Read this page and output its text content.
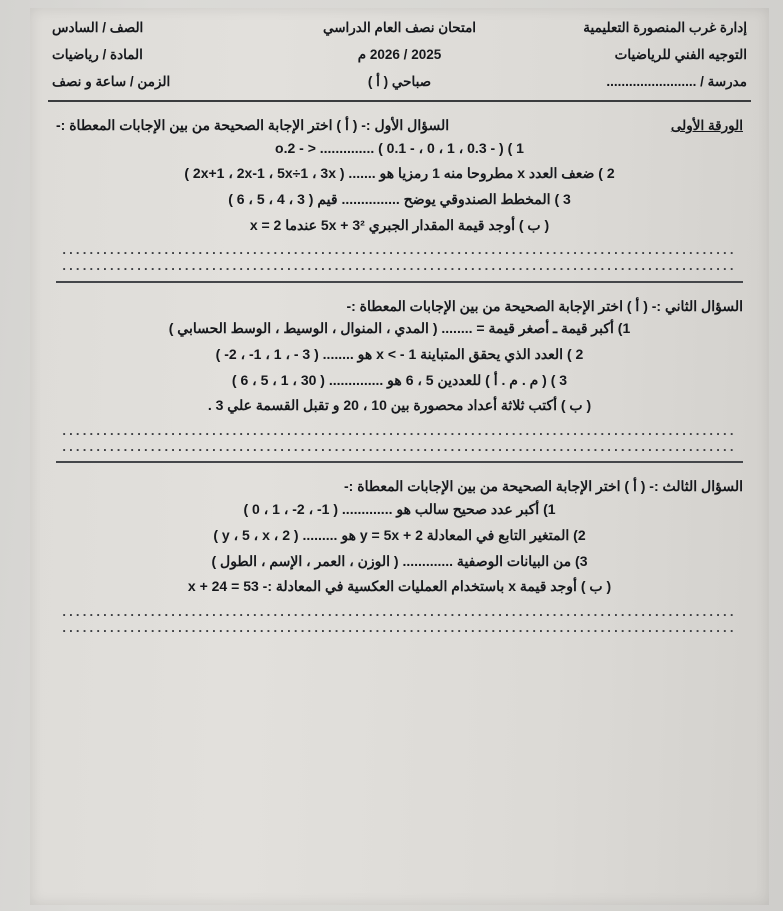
إدارة غرب المنصورة التعليمية
التوجيه الفني للرياضيات
مدرسة / ........................
امتحان نصف العام الدراسي
2025 / 2026 م
صباحي ( أ )
الصف / السادس
المادة / رياضيات
الزمن / ساعة و نصف
السؤال الأول :- ( أ ) اختر الإجابة الصحيحة من بين الإجابات المعطاة :-	الورقة الأولى
1 ) o.2 - > .............. ( 0.1 - ، 0 ، 1 ، 0.3 - )
2 ) ضعف العدد x مطروحا منه 1 رمزيا هو ....... ( 2x+1 ، 2x-1 ، 5x÷1 ، 3x )
3 ) المخطط الصندوقي يوضح ............... قيم ( 3 ، 4 ، 5 ، 6 )
( ب ) أوجد قيمة المقدار الجبري 3² + 5x عندما x = 2
...................................................................................................
...................................................................................................
السؤال الثاني :- ( أ ) اختر الإجابة الصحيحة من بين الإجابات المعطاة :-
1) أكبر قيمة ـ أصغر قيمة = ........ ( المدي ، المنوال ، الوسيط ، الوسط الحسابي )
2 ) العدد الذي يحقق المتباينة 1 - > x هو ........ ( 3 - ، 1 ، 1- ، 2- )
3 ) ( م . م . أ ) للعددين 5 ، 6 هو .............. ( 30 ، 1 ، 5 ، 6 )
( ب ) أكتب ثلاثة أعداد محصورة بين 10 ، 20 و تقبل القسمة علي 3 .
...................................................................................................
...................................................................................................
السؤال الثالث :- ( أ ) اختر الإجابة الصحيحة من بين الإجابات المعطاة :-
1) أكبر عدد صحيح سالب هو ............. ( 1- ، 2- ، 1 ، 0 )
2) المتغير التابع في المعادلة y = 5x + 2 هو ......... ( 2 ، y ، 5 ، x )
3) من البيانات الوصفية ............. ( الوزن ، العمر ، الإسم ، الطول )
( ب ) أوجد قيمة x باستخدام العمليات العكسية في المعادلة :- 53 = x + 24
...................................................................................................
...................................................................................................
